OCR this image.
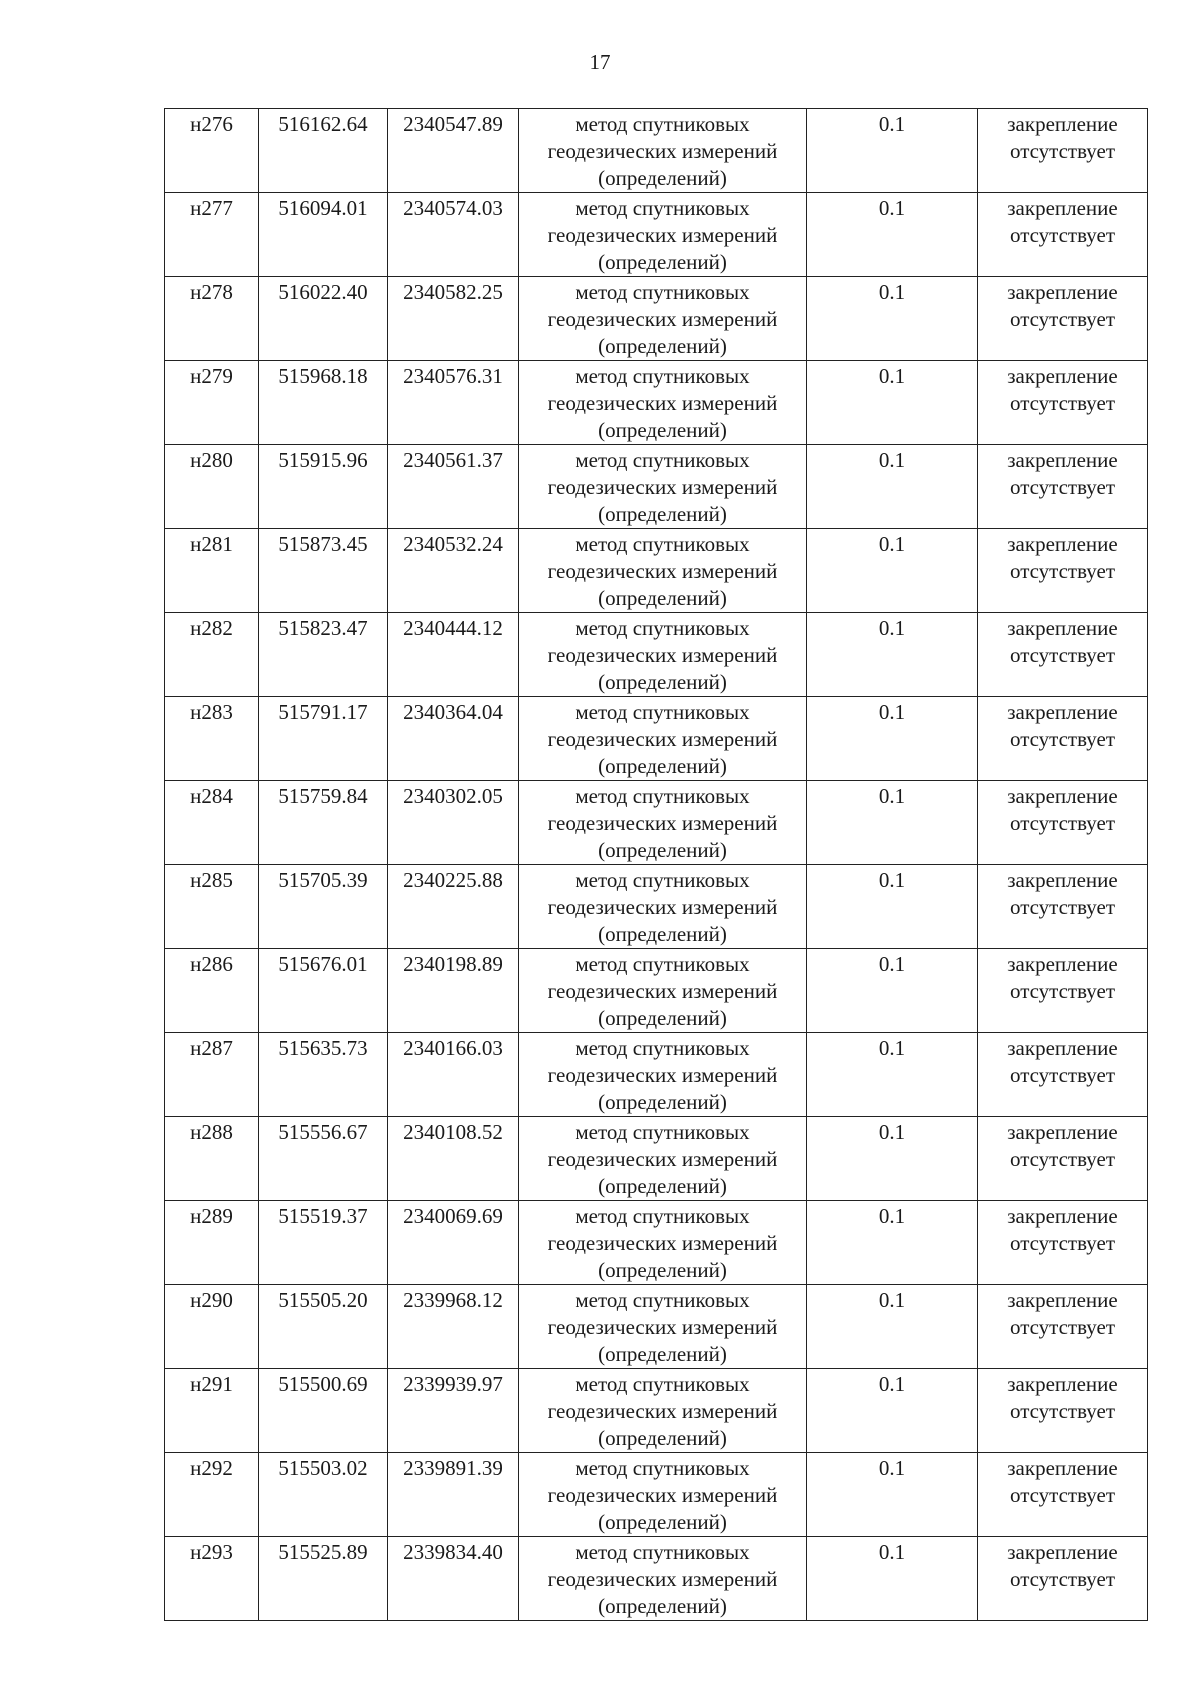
17
н276	516162.64	2340547.89	метод спутниковых геодезических измерений (определений)	0.1	закрепление отсутствует

н277	516094.01	2340574.03	метод спутниковых геодезических измерений (определений)	0.1	закрепление отсутствует

н278	516022.40	2340582.25	метод спутниковых геодезических измерений (определений)	0.1	закрепление отсутствует

н279	515968.18	2340576.31	метод спутниковых геодезических измерений (определений)	0.1	закрепление отсутствует

н280	515915.96	2340561.37	метод спутниковых геодезических измерений (определений)	0.1	закрепление отсутствует

н281	515873.45	2340532.24	метод спутниковых геодезических измерений (определений)	0.1	закрепление отсутствует

н282	515823.47	2340444.12	метод спутниковых геодезических измерений (определений)	0.1	закрепление отсутствует

н283	515791.17	2340364.04	метод спутниковых геодезических измерений (определений)	0.1	закрепление отсутствует

н284	515759.84	2340302.05	метод спутниковых геодезических измерений (определений)	0.1	закрепление отсутствует

н285	515705.39	2340225.88	метод спутниковых геодезических измерений (определений)	0.1	закрепление отсутствует

н286	515676.01	2340198.89	метод спутниковых геодезических измерений (определений)	0.1	закрепление отсутствует

н287	515635.73	2340166.03	метод спутниковых геодезических измерений (определений)	0.1	закрепление отсутствует

н288	515556.67	2340108.52	метод спутниковых геодезических измерений (определений)	0.1	закрепление отсутствует

н289	515519.37	2340069.69	метод спутниковых геодезических измерений (определений)	0.1	закрепление отсутствует

н290	515505.20	2339968.12	метод спутниковых геодезических измерений (определений)	0.1	закрепление отсутствует

н291	515500.69	2339939.97	метод спутниковых геодезических измерений (определений)	0.1	закрепление отсутствует

н292	515503.02	2339891.39	метод спутниковых геодезических измерений (определений)	0.1	закрепление отсутствует

н293	515525.89	2339834.40	метод спутниковых геодезических измерений (определений)	0.1	закрепление отсутствует
